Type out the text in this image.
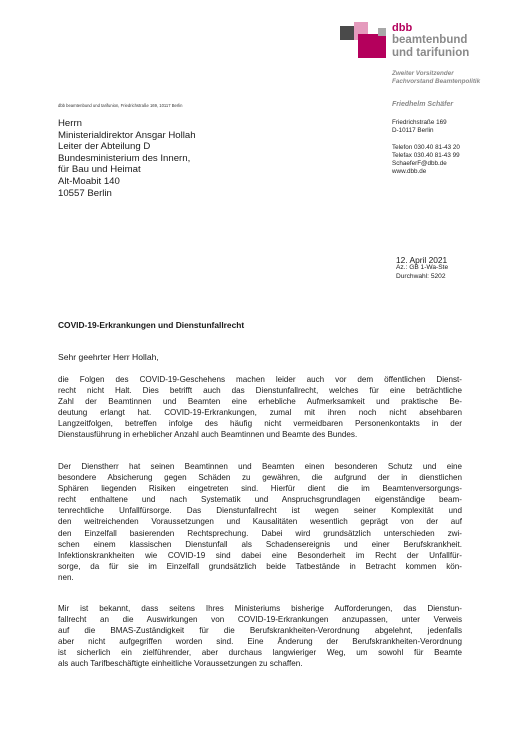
dbb
beamtenbund
und tarifunion
Zweiter Vorsitzender
Fachvorstand Beamtenpolitik
Friedhelm Schäfer
Friedrichstraße 169
D-10117 Berlin
Telefon 030.40 81-43 20
Telefax 030.40 81-43 99
SchaeferF@dbb.de
www.dbb.de
dbb beamtenbund und tarifunion, Friedrichstraße 169, 10117 Berlin
Herrn
Ministerialdirektor Ansgar Hollah
Leiter der Abteilung D
Bundesministerium des Innern,
für Bau und Heimat
Alt-Moabit 140
10557 Berlin
12. April 2021
Az.: GB 1-Wa-Ste
Durchwahl: 5202
COVID-19-Erkrankungen und Dienstunfallrecht
Sehr geehrter Herr Hollah,
die Folgen des COVID-19-Geschehens machen leider auch vor dem öffentlichen Dienst-
recht nicht Halt. Dies betrifft auch das Dienstunfallrecht, welches für eine beträchtliche
Zahl der Beamtinnen und Beamten eine erhebliche Aufmerksamkeit und praktische Be-
deutung erlangt hat. COVID-19-Erkrankungen, zumal mit ihren noch nicht absehbaren
Langzeitfolgen, betreffen infolge des häufig nicht vermeidbaren Personenkontakts in der
Dienstausführung in erheblicher Anzahl auch Beamtinnen und Beamte des Bundes.
Der Dienstherr hat seinen Beamtinnen und Beamten einen besonderen Schutz und eine
besondere Absicherung gegen Schäden zu gewähren, die aufgrund der in dienstlichen
Sphären liegenden Risiken eingetreten sind. Hierfür dient die im Beamtenversorgungs-
recht enthaltene und nach Systematik und Anspruchsgrundlagen eigenständige beam-
tenrechtliche Unfallfürsorge. Das Dienstunfallrecht ist wegen seiner Komplexität und
den weitreichenden Voraussetzungen und Kausalitäten wesentlich geprägt von der auf
den Einzelfall basierenden Rechtsprechung. Dabei wird grundsätzlich unterschieden zwi-
schen einem klassischen Dienstunfall als Schadensereignis und einer Berufskrankheit.
Infektionskrankheiten wie COVID-19 sind dabei eine Besonderheit im Recht der Unfallfür-
sorge, da für sie im Einzelfall grundsätzlich beide Tatbestände in Betracht kommen kön-
nen.
Mir ist bekannt, dass seitens Ihres Ministeriums bisherige Aufforderungen, das Dienstun-
fallrecht an die Auswirkungen von COVID-19-Erkrankungen anzupassen, unter Verweis
auf die BMAS-Zuständigkeit für die Berufskrankheiten-Verordnung abgelehnt, jedenfalls
aber nicht aufgegriffen worden sind. Eine Änderung der Berufskrankheiten-Verordnung
ist sicherlich ein zielführender, aber durchaus langwieriger Weg, um sowohl für Beamte
als auch Tarifbeschäftigte einheitliche Voraussetzungen zu schaffen.
